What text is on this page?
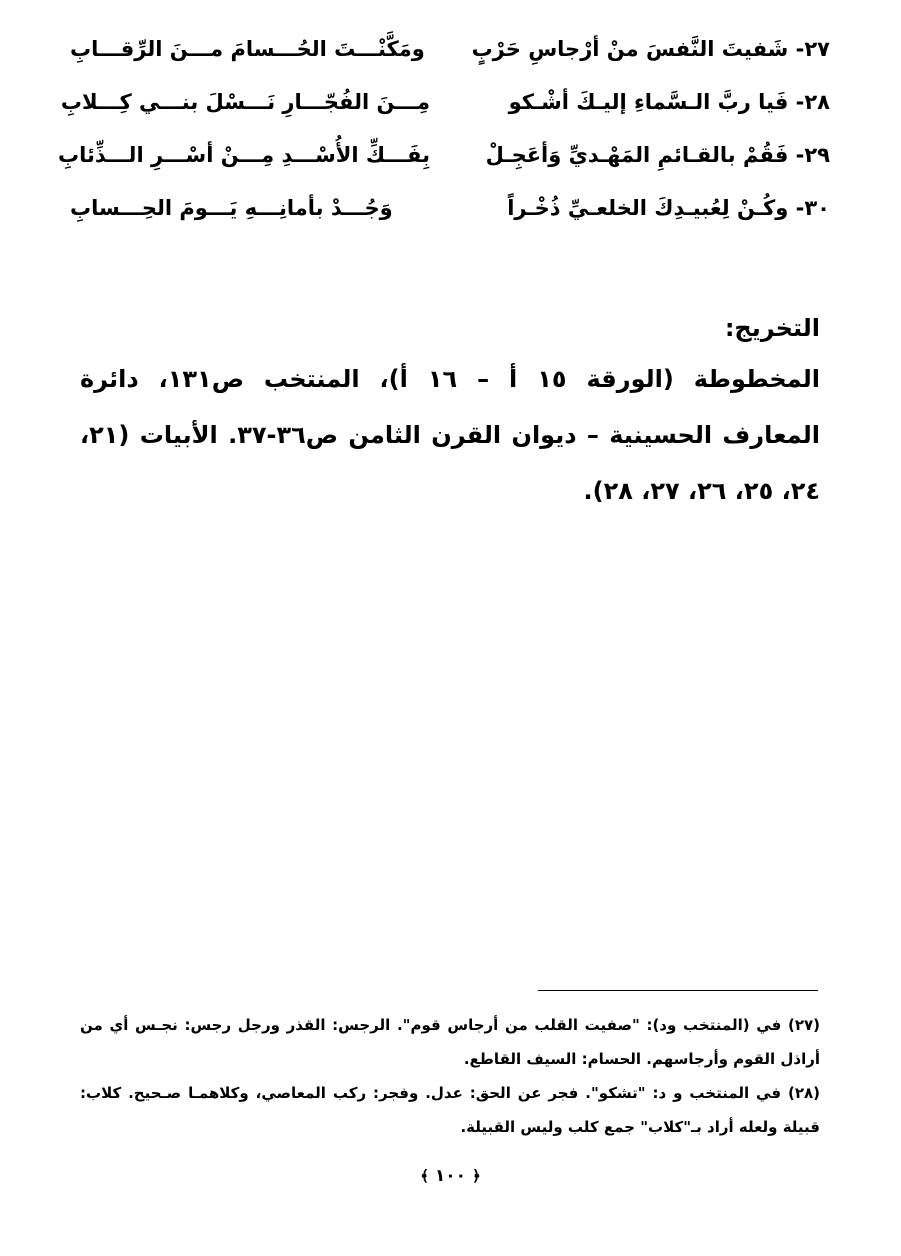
٢٧- شَفيتَ النَّفسَ منْ أرْجاسِ حَرْبٍ
ومَكَّنْـــتَ الحُـــسامَ مـــنَ الرِّقـــابِ
٢٨- فَيا ربَّ الـسَّماءِ إليـكَ أشْـكو
مِـــنَ الفُجّـــارِ نَـــسْلَ بنـــي كِـــلابِ
٢٩- فَقُمْ بالقـائمِ المَهْـديِّ وَأعَجِـلْ
بِفَـــكِّ الأُسْـــدِ مِـــنْ أسْـــرِ الـــذِّئابِ
٣٠- وكُـنْ لِعُبيـدِكَ الخلعـيِّ ذُخْـراً
وَجُـــدْ بأمانِـــهِ يَـــومَ الحِـــسابِ
التخريج:
المخطوطة (الورقة ١٥ أ – ١٦ أ)، المنتخب ص١٣١، دائرة المعارف الحسينية – ديوان القرن الثامن ص٣٦-٣٧. الأبيات (٢١، ٢٤، ٢٥، ٢٦، ٢٧، ٢٨).

(٢٧) في (المنتخب ود): "صفيت القلب من أرجاس قوم". الرجس: القذر ورجل رجس: نجـس أي من أراذل القوم وأرجاسهم. الحسام: السيف القاطع.

(٢٨) في المنتخب و د: "تشكو". فجر عن الحق: عدل. وفجر: ركب المعاصي، وكلاهمـا صـحيح. كلاب: قبيلة ولعله أراد بـ"كلاب" جمع كلب وليس القبيلة.

﴿ ١٠٠ ﴾
